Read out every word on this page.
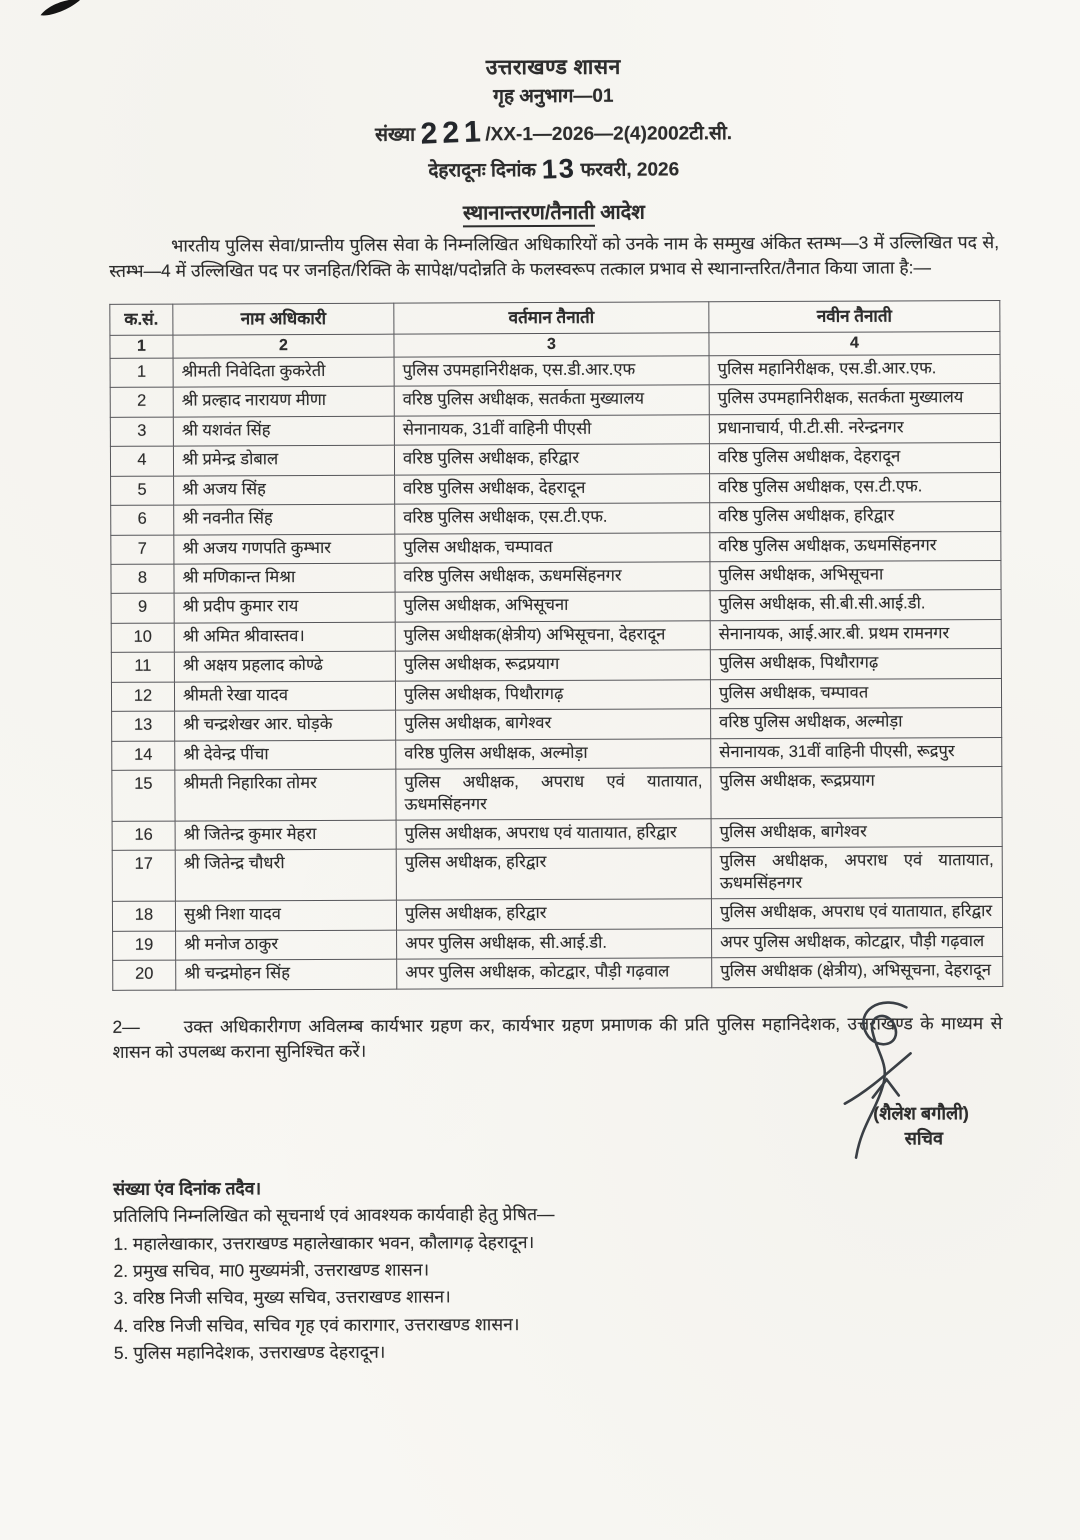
उत्तराखण्ड शासन
गृह अनुभाग—01
संख्या 221/XX-1—2026—2(4)2002टी.सी.
देहरादूनः दिनांक 13 फरवरी, 2026
स्थानान्तरण/तैनाती आदेश

भारतीय पुलिस सेवा/प्रान्तीय पुलिस सेवा के निम्नलिखित अधिकारियों को उनके नाम के सम्मुख अंकित स्तम्भ—3 में उल्लिखित पद से, स्तम्भ—4 में उल्लिखित पद पर जनहित/रिक्ति के सापेक्ष/पदोन्नति के फलस्वरूप तत्काल प्रभाव से स्थानान्तरित/तैनात किया जाता है:—

क.सं.	नाम अधिकारी	वर्तमान तैनाती	नवीन तैनाती
1	2	3	4
1	श्रीमती निवेदिता कुकरेती	पुलिस उपमहानिरीक्षक, एस.डी.आर.एफ	पुलिस महानिरीक्षक, एस.डी.आर.एफ.
2	श्री प्रल्हाद नारायण मीणा	वरिष्ठ पुलिस अधीक्षक, सतर्कता मुख्यालय	पुलिस उपमहानिरीक्षक, सतर्कता मुख्यालय
3	श्री यशवंत सिंह	सेनानायक, 31वीं वाहिनी पीएसी	प्रधानाचार्य, पी.टी.सी. नरेन्द्रनगर
4	श्री प्रमेन्द्र डोबाल	वरिष्ठ पुलिस अधीक्षक, हरिद्वार	वरिष्ठ पुलिस अधीक्षक, देहरादून
5	श्री अजय सिंह	वरिष्ठ पुलिस अधीक्षक, देहरादून	वरिष्ठ पुलिस अधीक्षक, एस.टी.एफ.
6	श्री नवनीत सिंह	वरिष्ठ पुलिस अधीक्षक, एस.टी.एफ.	वरिष्ठ पुलिस अधीक्षक, हरिद्वार
7	श्री अजय गणपति कुम्भार	पुलिस अधीक्षक, चम्पावत	वरिष्ठ पुलिस अधीक्षक, ऊधमसिंहनगर
8	श्री मणिकान्त मिश्रा	वरिष्ठ पुलिस अधीक्षक, ऊधमसिंहनगर	पुलिस अधीक्षक, अभिसूचना
9	श्री प्रदीप कुमार राय	पुलिस अधीक्षक, अभिसूचना	पुलिस अधीक्षक, सी.बी.सी.आई.डी.
10	श्री अमित श्रीवास्तव।	पुलिस अधीक्षक(क्षेत्रीय) अभिसूचना, देहरादून	सेनानायक, आई.आर.बी. प्रथम रामनगर
11	श्री अक्षय प्रहलाद कोण्ढे	पुलिस अधीक्षक, रूद्रप्रयाग	पुलिस अधीक्षक, पिथौरागढ़
12	श्रीमती रेखा यादव	पुलिस अधीक्षक, पिथौरागढ़	पुलिस अधीक्षक, चम्पावत
13	श्री चन्द्रशेखर आर. घोड़के	पुलिस अधीक्षक, बागेश्वर	वरिष्ठ पुलिस अधीक्षक, अल्मोड़ा
14	श्री देवेन्द्र पींचा	वरिष्ठ पुलिस अधीक्षक, अल्मोड़ा	सेनानायक, 31वीं वाहिनी पीएसी, रूद्रपुर
15	श्रीमती निहारिका तोमर	पुलिस अधीक्षक, अपराध एवं यातायात, ऊधमसिंहनगर	पुलिस अधीक्षक, रूद्रप्रयाग
16	श्री जितेन्द्र कुमार मेहरा	पुलिस अधीक्षक, अपराध एवं यातायात, हरिद्वार	पुलिस अधीक्षक, बागेश्वर
17	श्री जितेन्द्र चौधरी	पुलिस अधीक्षक, हरिद्वार	पुलिस अधीक्षक, अपराध एवं यातायात, ऊधमसिंहनगर
18	सुश्री निशा यादव	पुलिस अधीक्षक, हरिद्वार	पुलिस अधीक्षक, अपराध एवं यातायात, हरिद्वार
19	श्री मनोज ठाकुर	अपर पुलिस अधीक्षक, सी.आई.डी.	अपर पुलिस अधीक्षक, कोटद्वार, पौड़ी गढ़वाल
20	श्री चन्द्रमोहन सिंह	अपर पुलिस अधीक्षक, कोटद्वार, पौड़ी गढ़वाल	पुलिस अधीक्षक (क्षेत्रीय), अभिसूचना, देहरादून

2—	उक्त अधिकारीगण अविलम्ब कार्यभार ग्रहण कर, कार्यभार ग्रहण प्रमाणक की प्रति पुलिस महानिदेशक, उत्तराखण्ड के माध्यम से शासन को उपलब्ध कराना सुनिश्चित करें।

(शैलेश बगौली)
सचिव

संख्या एंव दिनांक तदैव।

प्रतिलिपि निम्नलिखित को सूचनार्थ एवं आवश्यक कार्यवाही हेतु प्रेषित—

1. महालेखाकार, उत्तराखण्ड महालेखाकार भवन, कौलागढ़ देहरादून।

2. प्रमुख सचिव, मा0 मुख्यमंत्री, उत्तराखण्ड शासन।

3. वरिष्ठ निजी सचिव, मुख्य सचिव, उत्तराखण्ड शासन।

4. वरिष्ठ निजी सचिव, सचिव गृह एवं कारागार, उत्तराखण्ड शासन।

5. पुलिस महानिदेशक, उत्तराखण्ड देहरादून।
